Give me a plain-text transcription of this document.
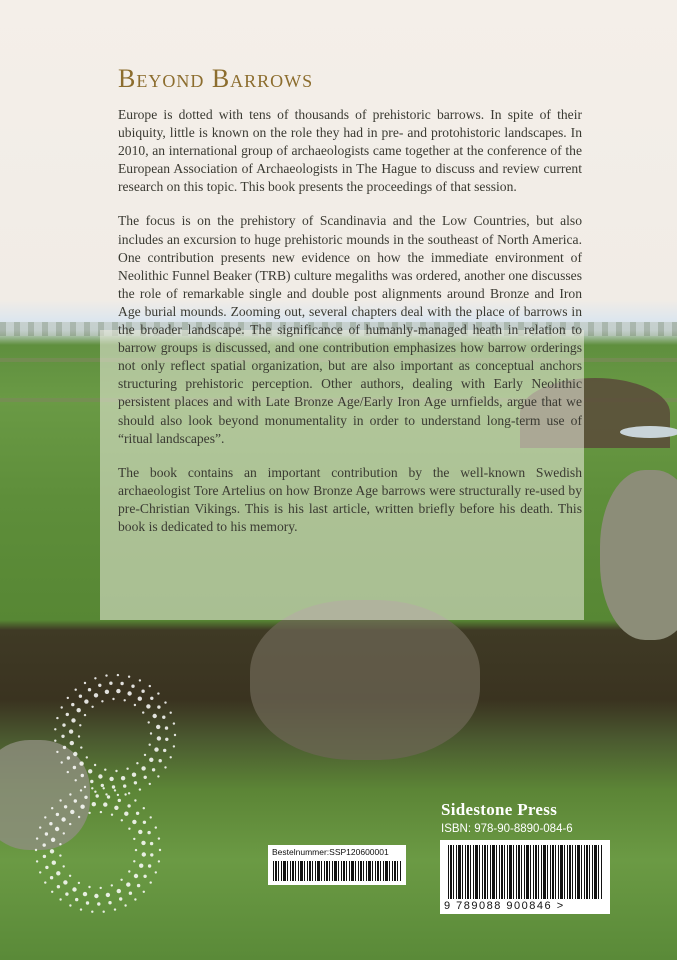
Beyond Barrows

Europe is dotted with tens of thousands of prehistoric barrows. In spite of their ubiquity, little is known on the role they had in pre- and protohistoric landscapes. In 2010, an international group of archaeologists came together at the conference of the European Association of Archaeologists in The Hague to discuss and review current research on this topic. This book presents the proceedings of that session.

The focus is on the prehistory of Scandinavia and the Low Countries, but also includes an excursion to huge prehistoric mounds in the southeast of North America. One contribution presents new evidence on how the immediate environment of Neolithic Funnel Beaker (TRB) culture megaliths was ordered, another one discusses the role of remarkable single and double post alignments around Bronze and Iron Age burial mounds. Zooming out, several chapters deal with the place of barrows in the broader landscape. The significance of humanly-managed heath in relation to barrow groups is discussed, and one contribution emphasizes how barrow orderings not only reflect spatial organization, but are also important as conceptual anchors structuring prehistoric perception. Other authors, dealing with Early Neolithic persistent places and with Late Bronze Age/Early Iron Age urnfields, argue that we should also look beyond monumentality in order to understand long-term use of “ritual landscapes”.

The book contains an important contribution by the well-known Swedish archaeologist Tore Artelius on how Bronze Age barrows were structurally re-used by pre-Christian Vikings. This is his last article, written briefly before his death. This book is dedicated to his memory.

Bestelnummer:SSP120600001
Sidestone Press
ISBN: 978-90-8890-084-6
9 789088 900846 >
